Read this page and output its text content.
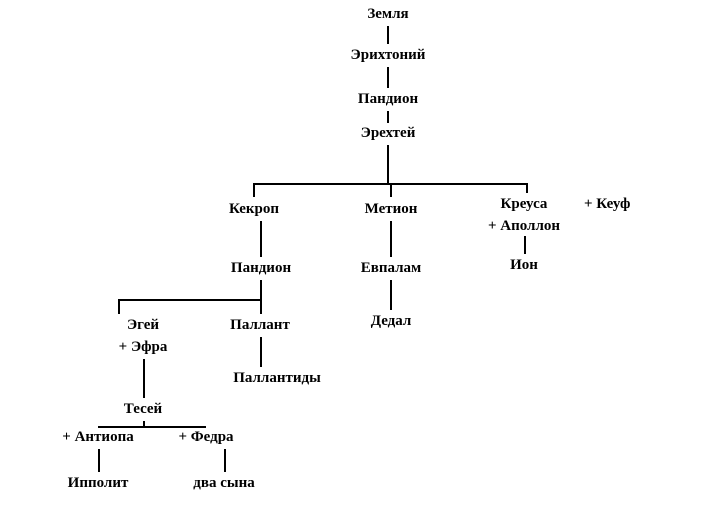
Земля
Эрихтоний
Пандион
Эрехтей
Кекроп	Метион	Креуса + Кеуф
+ Аполлон
Ион
Пандион	Евпалам
Дедал
Эгей
+ Эфра
Паллант
Паллантиды
Тесей
+ Антиопа	+ Федра
Ипполит	два сына
